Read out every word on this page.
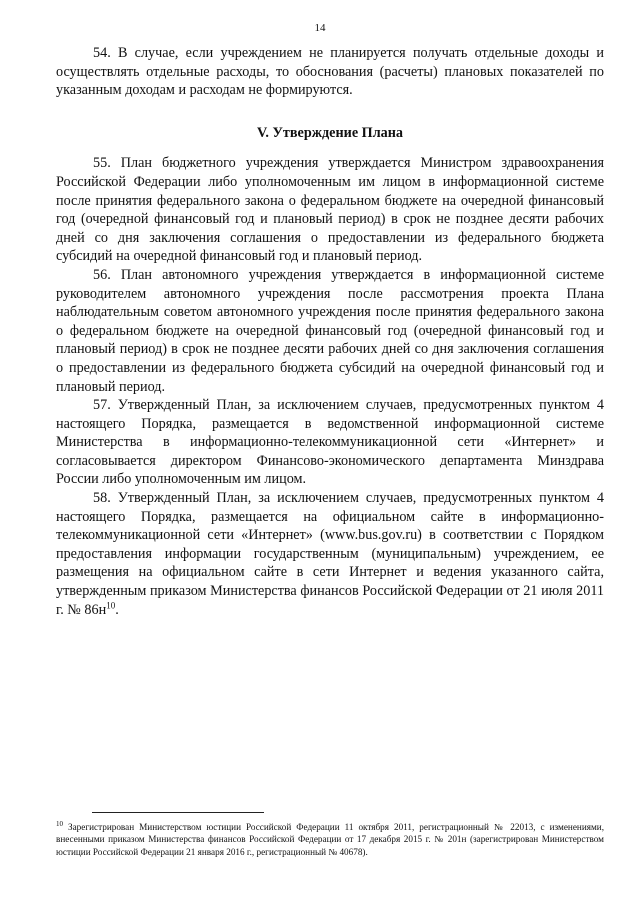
14

54. В случае, если учреждением не планируется получать отдельные доходы и осуществлять отдельные расходы, то обоснования (расчеты) плановых показателей по указанным доходам и расходам не формируются.

V. Утверждение Плана

55. План бюджетного учреждения утверждается Министром здравоохранения Российской Федерации либо уполномоченным им лицом в информационной системе после принятия федерального закона о федеральном бюджете на очередной финансовый год (очередной финансовый год и плановый период) в срок не позднее десяти рабочих дней со дня заключения соглашения о предоставлении из федерального бюджета субсидий на очередной финансовый год и плановый период.

56. План автономного учреждения утверждается в информационной системе руководителем автономного учреждения после рассмотрения проекта Плана наблюдательным советом автономного учреждения после принятия федерального закона о федеральном бюджете на очередной финансовый год (очередной финансовый год и плановый период) в срок не позднее десяти рабочих дней со дня заключения соглашения о предоставлении из федерального бюджета субсидий на очередной финансовый год и плановый период.

57. Утвержденный План, за исключением случаев, предусмотренных пунктом 4 настоящего Порядка, размещается в ведомственной информационной системе Министерства в информационно-телекоммуникационной сети «Интернет» и согласовывается директором Финансово-экономического департамента Минздрава России либо уполномоченным им лицом.

58. Утвержденный План, за исключением случаев, предусмотренных пунктом 4 настоящего Порядка, размещается на официальном сайте в информационно-телекоммуникационной сети «Интернет» (www.bus.gov.ru) в соответствии с Порядком предоставления информации государственным (муниципальным) учреждением, ее размещения на официальном сайте в сети Интернет и ведения указанного сайта, утвержденным приказом Министерства финансов Российской Федерации от 21 июля 2011 г. № $86н^{10}$.

$^{10}$ Зарегистрирован Министерством юстиции Российской Федерации 11 октября 2011, регистрационный № 22013, с изменениями, внесенными приказом Министерства финансов Российской Федерации от 17 декабря 2015 г. № 201н (зарегистрирован Министерством юстиции Российской Федерации 21 января 2016 г., регистрационный № 40678).
